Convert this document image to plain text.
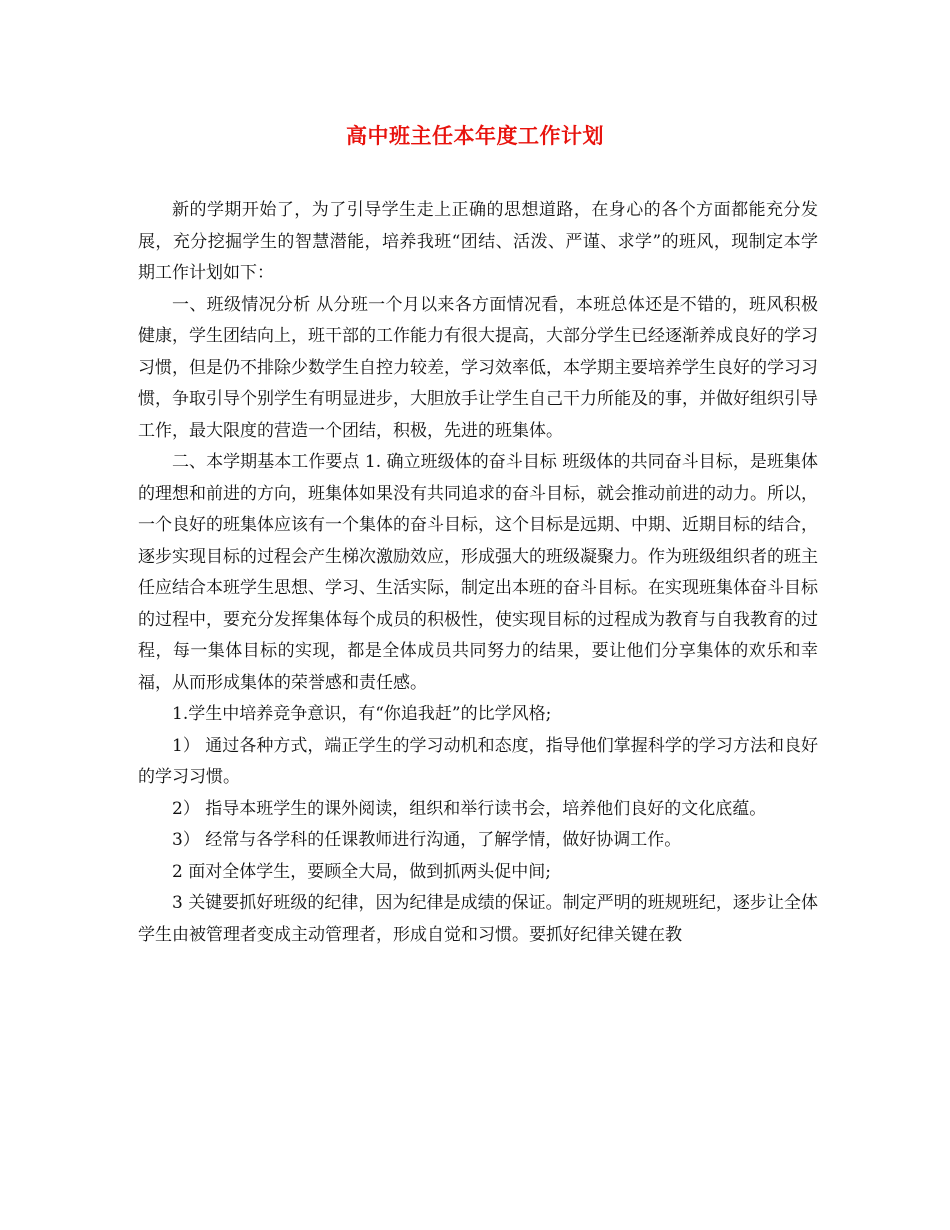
高中班主任本年度工作计划

新的学期开始了，为了引导学生走上正确的思想道路，在身心的各个方面都能充分发展，充分挖掘学生的智慧潜能，培养我班“团结、活泼、严谨、求学”的班风，现制定本学期工作计划如下：

一、班级情况分析 从分班一个月以来各方面情况看，本班总体还是不错的，班风积极健康，学生团结向上，班干部的工作能力有很大提高，大部分学生已经逐渐养成良好的学习习惯，但是仍不排除少数学生自控力较差，学习效率低，本学期主要培养学生良好的学习习惯，争取引导个别学生有明显进步，大胆放手让学生自己干力所能及的事，并做好组织引导工作，最大限度的营造一个团结，积极，先进的班集体。

二、本学期基本工作要点 1. 确立班级体的奋斗目标 班级体的共同奋斗目标，是班集体的理想和前进的方向，班集体如果没有共同追求的奋斗目标，就会推动前进的动力。所以，一个良好的班集体应该有一个集体的奋斗目标，这个目标是远期、中期、近期目标的结合，逐步实现目标的过程会产生梯次激励效应，形成强大的班级凝聚力。作为班级组织者的班主任应结合本班学生思想、学习、生活实际，制定出本班的奋斗目标。在实现班集体奋斗目标的过程中，要充分发挥集体每个成员的积极性，使实现目标的过程成为教育与自我教育的过程，每一集体目标的实现，都是全体成员共同努力的结果，要让他们分享集体的欢乐和幸福，从而形成集体的荣誉感和责任感。

1.学生中培养竞争意识，有“你追我赶”的比学风格;

1） 通过各种方式，端正学生的学习动机和态度，指导他们掌握科学的学习方法和良好的学习习惯。

2） 指导本班学生的课外阅读，组织和举行读书会，培养他们良好的文化底蕴。

3） 经常与各学科的任课教师进行沟通，了解学情，做好协调工作。

2 面对全体学生，要顾全大局，做到抓两头促中间;

3 关键要抓好班级的纪律，因为纪律是成绩的保证。制定严明的班规班纪，逐步让全体学生由被管理者变成主动管理者，形成自觉和习惯。要抓好纪律关键在教
